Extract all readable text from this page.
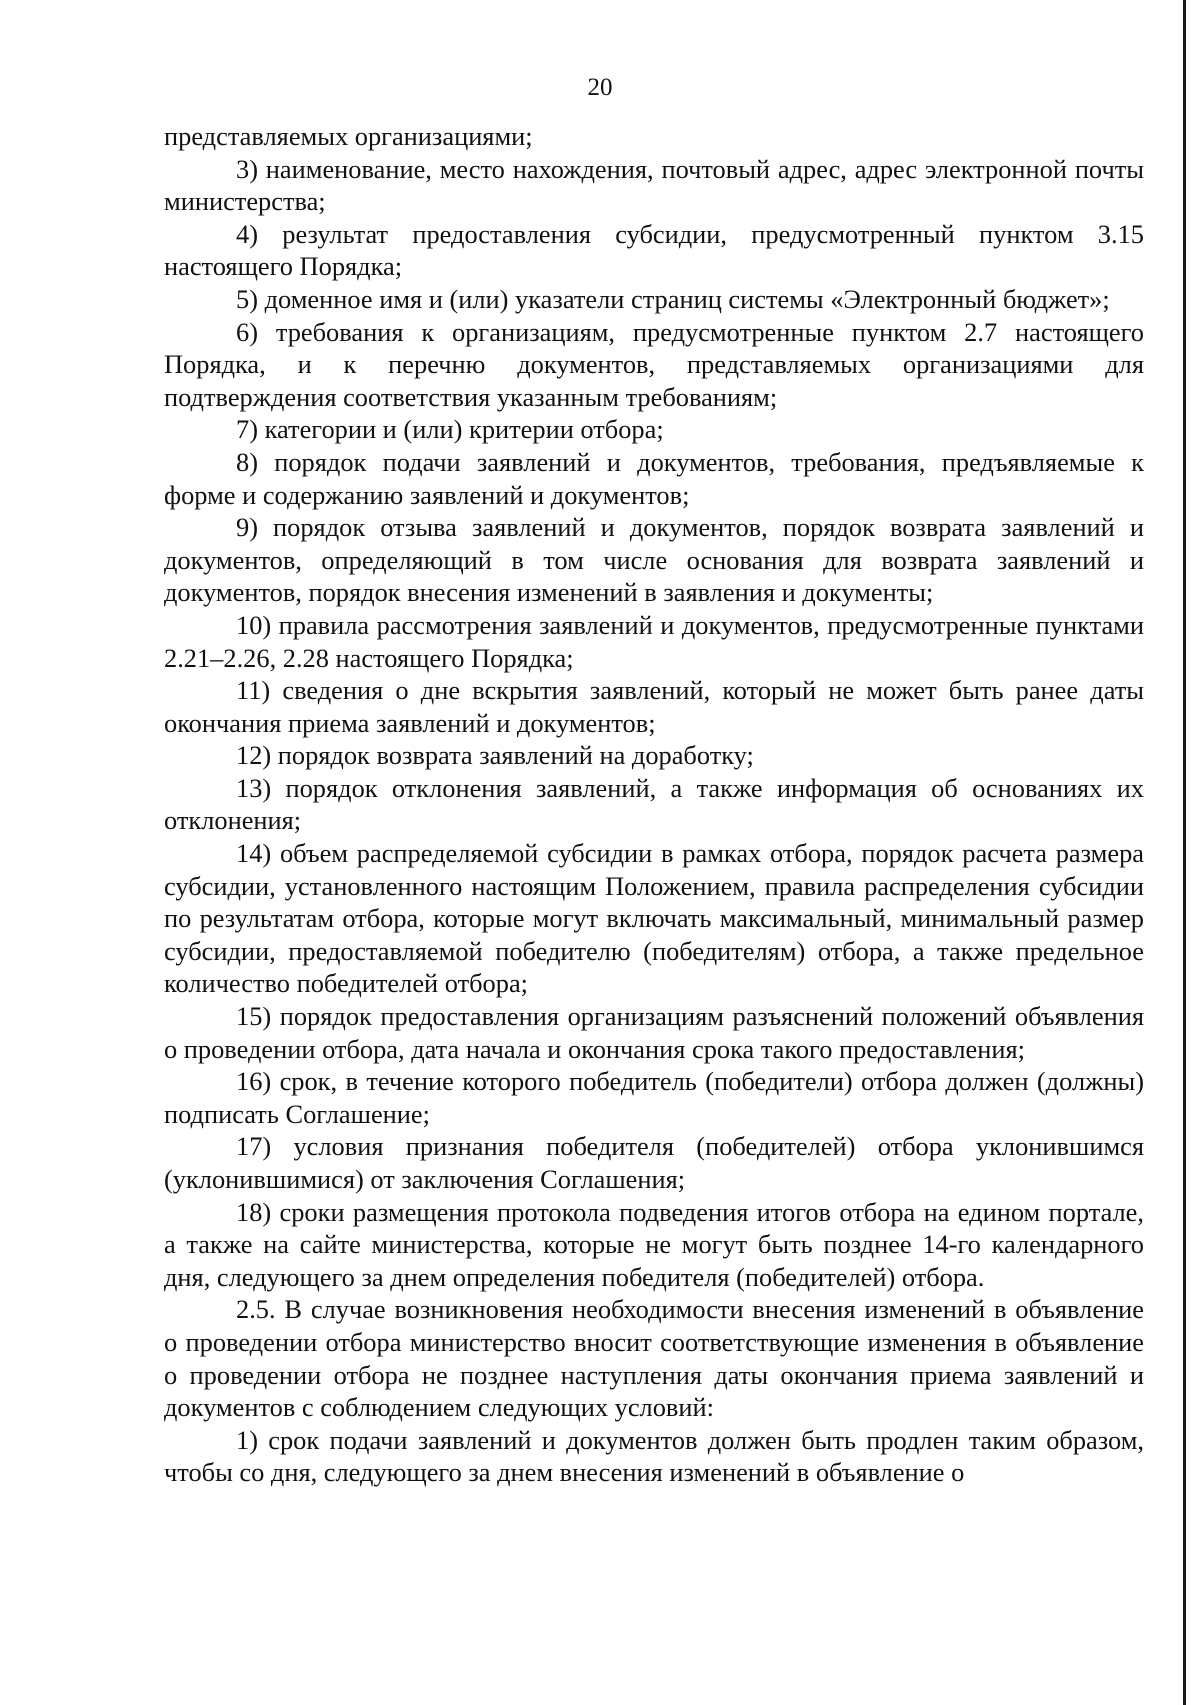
20

представляемых организациями;

3) наименование, место нахождения, почтовый адрес, адрес электронной почты министерства;

4) результат предоставления субсидии, предусмотренный пунктом 3.15 настоящего Порядка;

5) доменное имя и (или) указатели страниц системы «Электронный бюджет»;

6) требования к организациям, предусмотренные пунктом 2.7 настоящего Порядка, и к перечню документов, представляемых организациями для подтверждения соответствия указанным требованиям;

7) категории и (или) критерии отбора;

8) порядок подачи заявлений и документов, требования, предъявляемые к форме и содержанию заявлений и документов;

9) порядок отзыва заявлений и документов, порядок возврата заявлений и документов, определяющий в том числе основания для возврата заявлений и документов, порядок внесения изменений в заявления и документы;

10) правила рассмотрения заявлений и документов, предусмотренные пунктами 2.21–2.26, 2.28 настоящего Порядка;

11) сведения о дне вскрытия заявлений, который не может быть ранее даты окончания приема заявлений и документов;

12) порядок возврата заявлений на доработку;

13) порядок отклонения заявлений, а также информация об основаниях их отклонения;

14) объем распределяемой субсидии в рамках отбора, порядок расчета размера субсидии, установленного настоящим Положением, правила распределения субсидии по результатам отбора, которые могут включать максимальный, минимальный размер субсидии, предоставляемой победителю (победителям) отбора, а также предельное количество победителей отбора;

15) порядок предоставления организациям разъяснений положений объявления о проведении отбора, дата начала и окончания срока такого предоставления;

16) срок, в течение которого победитель (победители) отбора должен (должны) подписать Соглашение;

17) условия признания победителя (победителей) отбора уклонившимся (уклонившимися) от заключения Соглашения;

18) сроки размещения протокола подведения итогов отбора на едином портале, а также на сайте министерства, которые не могут быть позднее 14-го календарного дня, следующего за днем определения победителя (победителей) отбора.

2.5. В случае возникновения необходимости внесения изменений в объявление о проведении отбора министерство вносит соответствующие изменения в объявление о проведении отбора не позднее наступления даты окончания приема заявлений и документов с соблюдением следующих условий:

1) срок подачи заявлений и документов должен быть продлен таким образом, чтобы со дня, следующего за днем внесения изменений в объявление о
